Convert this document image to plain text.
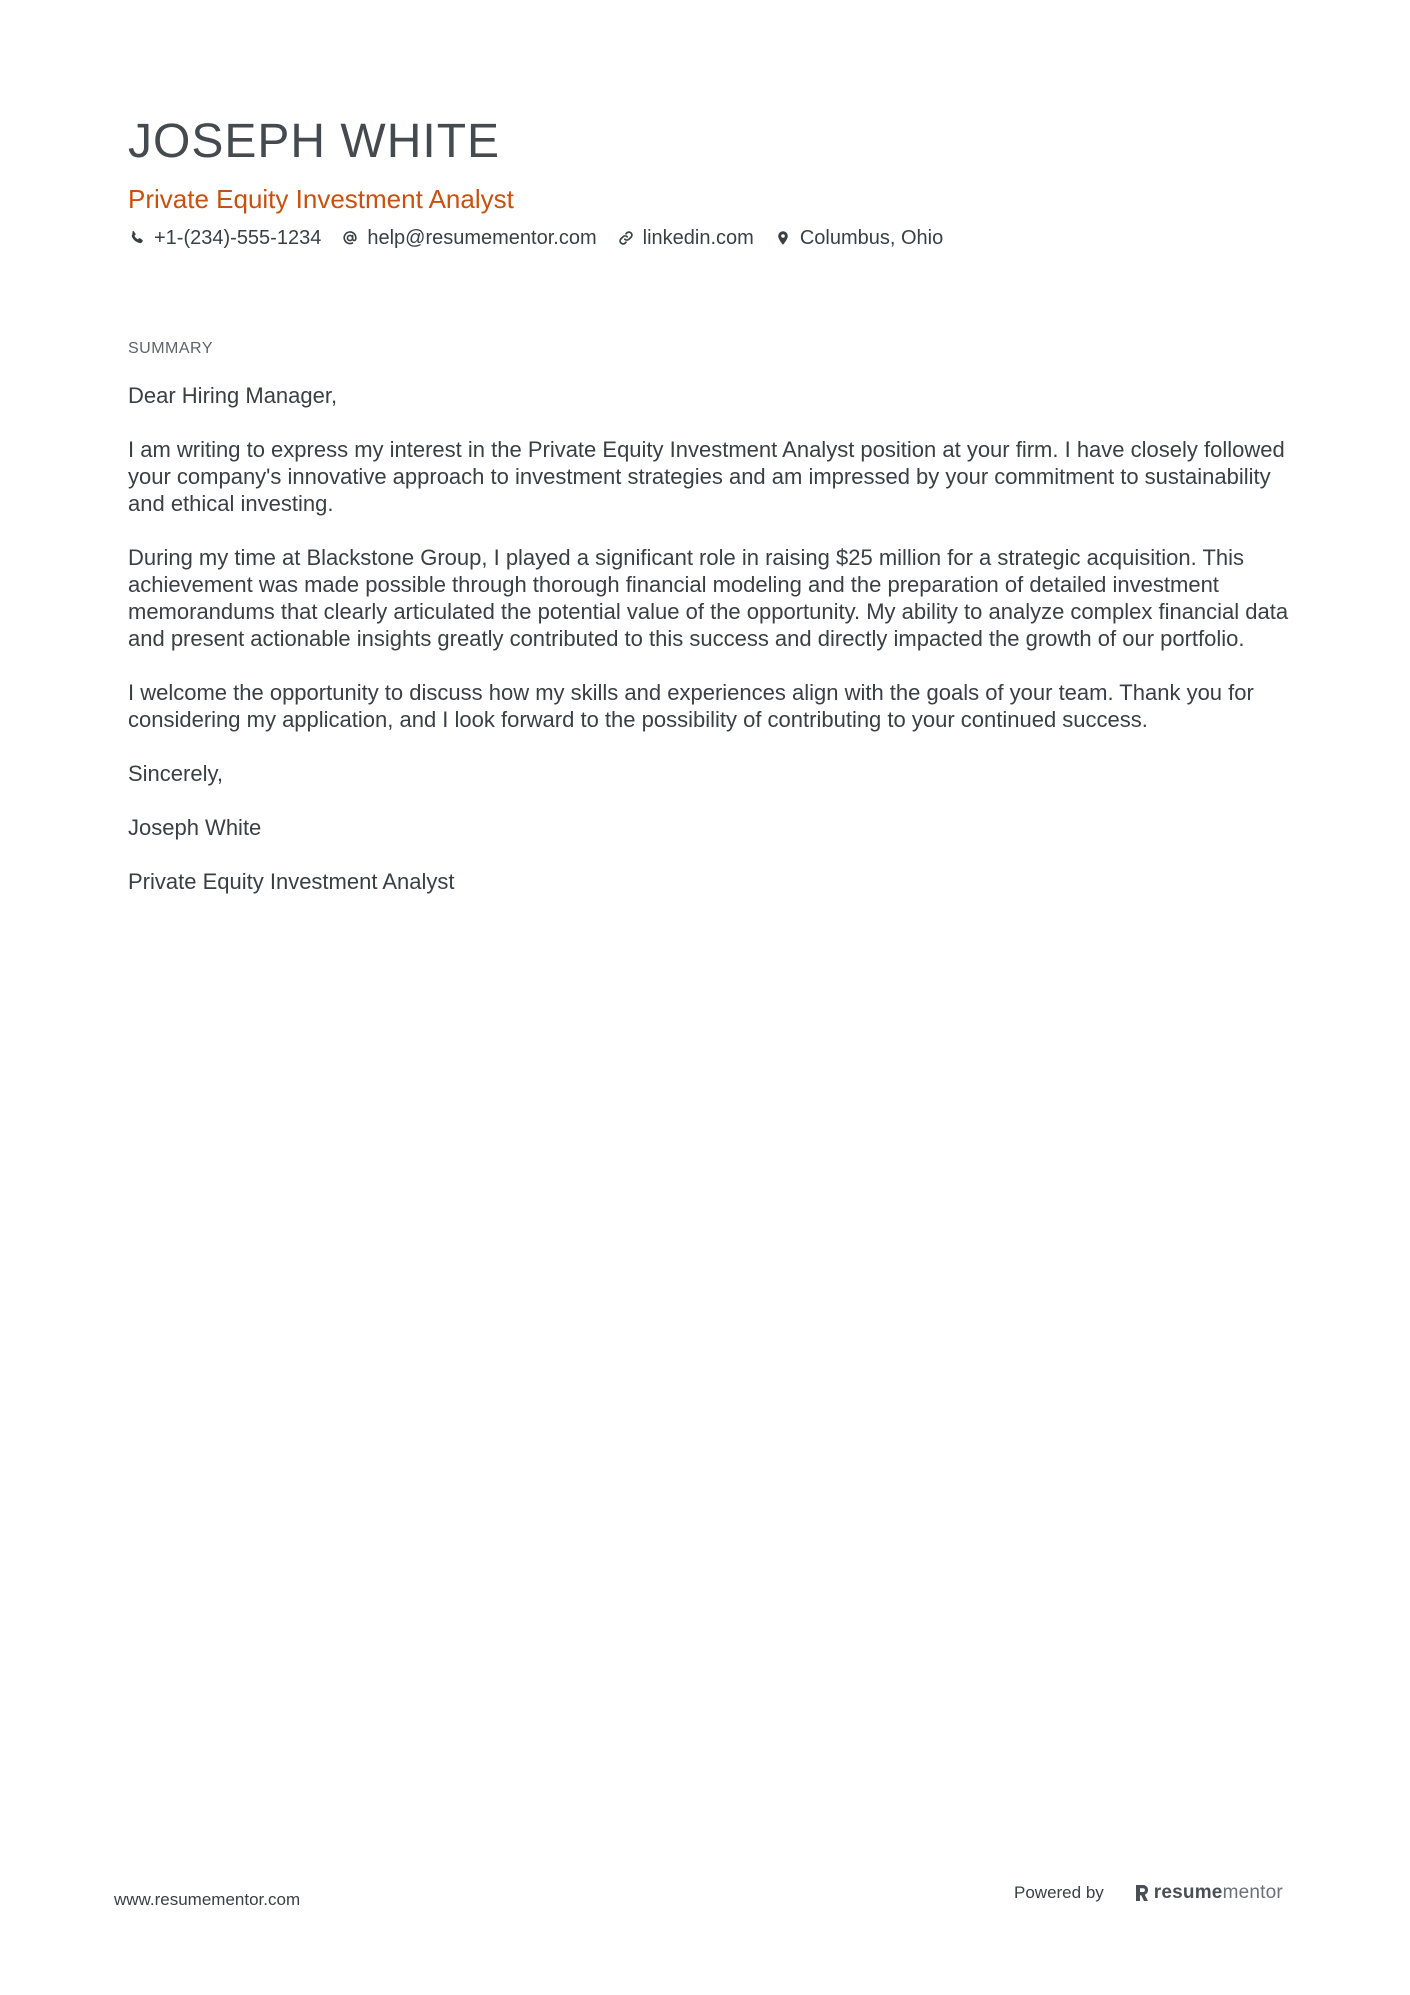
JOSEPH WHITE
Private Equity Investment Analyst
+1-(234)-555-1234 help@resumementor.com linkedin.com Columbus, Ohio
SUMMARY

Dear Hiring Manager,

I am writing to express my interest in the Private Equity Investment Analyst position at your firm. I have closely followed your company's innovative approach to investment strategies and am impressed by your commitment to sustainability and ethical investing.

During my time at Blackstone Group, I played a significant role in raising $25 million for a strategic acquisition. This achievement was made possible through thorough financial modeling and the preparation of detailed investment memorandums that clearly articulated the potential value of the opportunity. My ability to analyze complex financial data and present actionable insights greatly contributed to this success and directly impacted the growth of our portfolio.

I welcome the opportunity to discuss how my skills and experiences align with the goals of your team. Thank you for considering my application, and I look forward to the possibility of contributing to your continued success.

Sincerely,

Joseph White

Private Equity Investment Analyst

www.resumementor.com	Powered by	resumementor
